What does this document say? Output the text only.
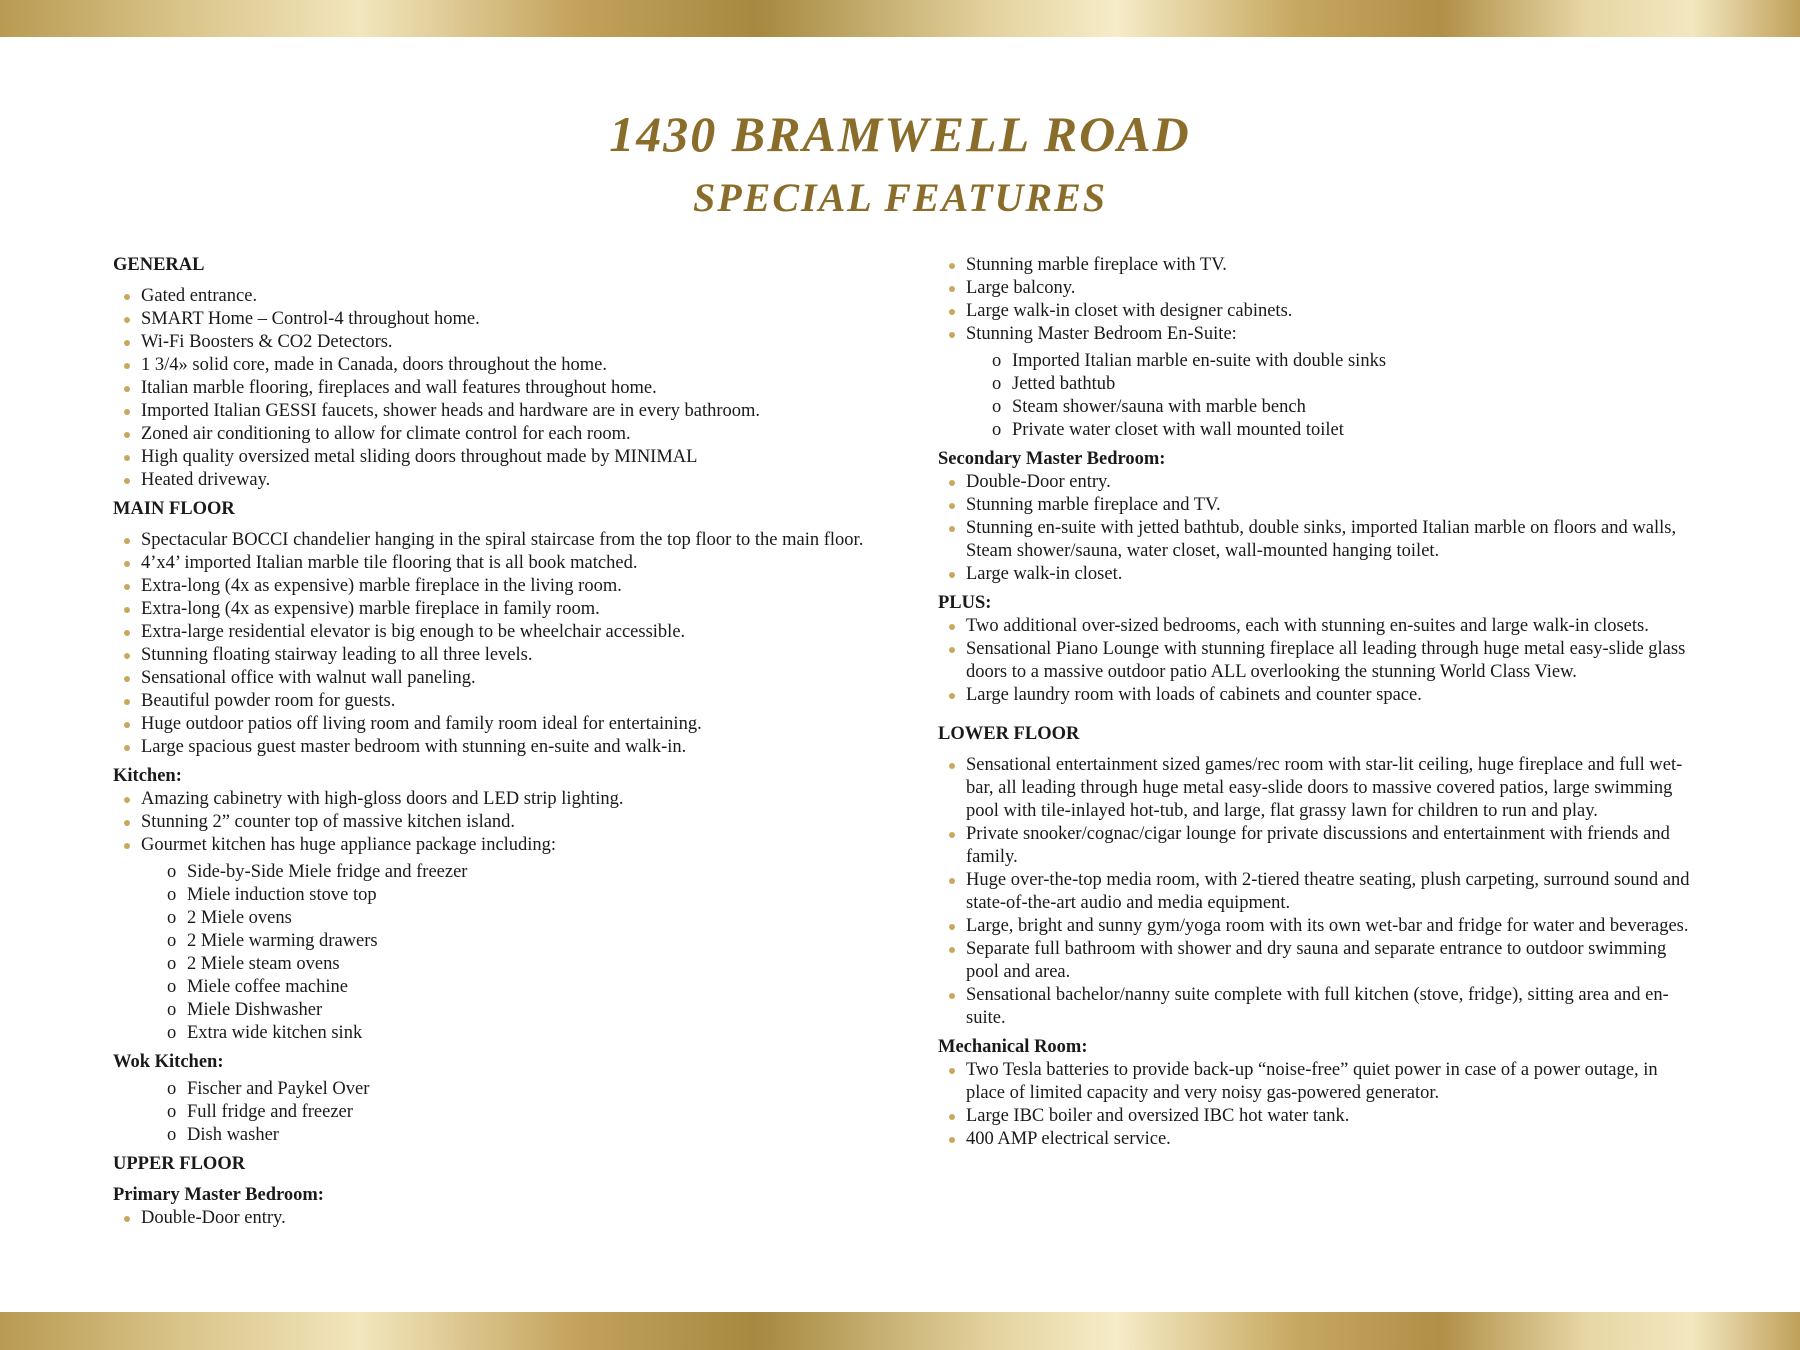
1430 BRAMWELL ROAD
SPECIAL FEATURES

GENERAL

Gated entrance.
SMART Home – Control-4 throughout home.
Wi-Fi Boosters & CO2 Detectors.
1 3/4» solid core, made in Canada, doors throughout the home.
Italian marble flooring, fireplaces and wall features throughout home.
Imported Italian GESSI faucets, shower heads and hardware are in every bathroom.
Zoned air conditioning to allow for climate control for each room.
High quality oversized metal sliding doors throughout made by MINIMAL
Heated driveway.

MAIN FLOOR

Spectacular BOCCI chandelier hanging in the spiral staircase from the top floor to the main floor.
4’x4’ imported Italian marble tile flooring that is all book matched.
Extra-long (4x as expensive) marble fireplace in the living room.
Extra-long (4x as expensive) marble fireplace in family room.
Extra-large residential elevator is big enough to be wheelchair accessible.
Stunning floating stairway leading to all three levels.
Sensational office with walnut wall paneling.
Beautiful powder room for guests.
Huge outdoor patios off living room and family room ideal for entertaining.
Large spacious guest master bedroom with stunning en-suite and walk-in.

Kitchen:

Amazing cabinetry with high-gloss doors and LED strip lighting.
Stunning 2” counter top of massive kitchen island.
Gourmet kitchen has huge appliance package including:
o Side-by-Side Miele fridge and freezer
o Miele induction stove top
o 2 Miele ovens
o 2 Miele warming drawers
o 2 Miele steam ovens
o Miele coffee machine
o Miele Dishwasher
o Extra wide kitchen sink

Wok Kitchen:

o Fischer and Paykel Over
o Full fridge and freezer
o Dish washer

UPPER FLOOR

Primary Master Bedroom:

Double-Door entry.
Stunning marble fireplace with TV.
Large balcony.
Large walk-in closet with designer cabinets.
Stunning Master Bedroom En-Suite:
o Imported Italian marble en-suite with double sinks
o Jetted bathtub
o Steam shower/sauna with marble bench
o Private water closet with wall mounted toilet

Secondary Master Bedroom:

Double-Door entry.
Stunning marble fireplace and TV.
Stunning en-suite with jetted bathtub, double sinks, imported Italian marble on floors and walls, Steam shower/sauna, water closet, wall-mounted hanging toilet.
Large walk-in closet.

PLUS:

Two additional over-sized bedrooms, each with stunning en-suites and large walk-in closets.
Sensational Piano Lounge with stunning fireplace all leading through huge metal easy-slide glass doors to a massive outdoor patio ALL overlooking the stunning World Class View.
Large laundry room with loads of cabinets and counter space.

LOWER FLOOR

Sensational entertainment sized games/rec room with star-lit ceiling, huge fireplace and full wet-bar, all leading through huge metal easy-slide doors to massive covered patios, large swimming pool with tile-inlayed hot-tub, and large, flat grassy lawn for children to run and play.
Private snooker/cognac/cigar lounge for private discussions and entertainment with friends and family.
Huge over-the-top media room, with 2-tiered theatre seating, plush carpeting, surround sound and state-of-the-art audio and media equipment.
Large, bright and sunny gym/yoga room with its own wet-bar and fridge for water and beverages.
Separate full bathroom with shower and dry sauna and separate entrance to outdoor swimming pool and area.
Sensational bachelor/nanny suite complete with full kitchen (stove, fridge), sitting area and en-suite.

Mechanical Room:

Two Tesla batteries to provide back-up “noise-free” quiet power in case of a power outage, in place of limited capacity and very noisy gas-powered generator.
Large IBC boiler and oversized IBC hot water tank.
400 AMP electrical service.
